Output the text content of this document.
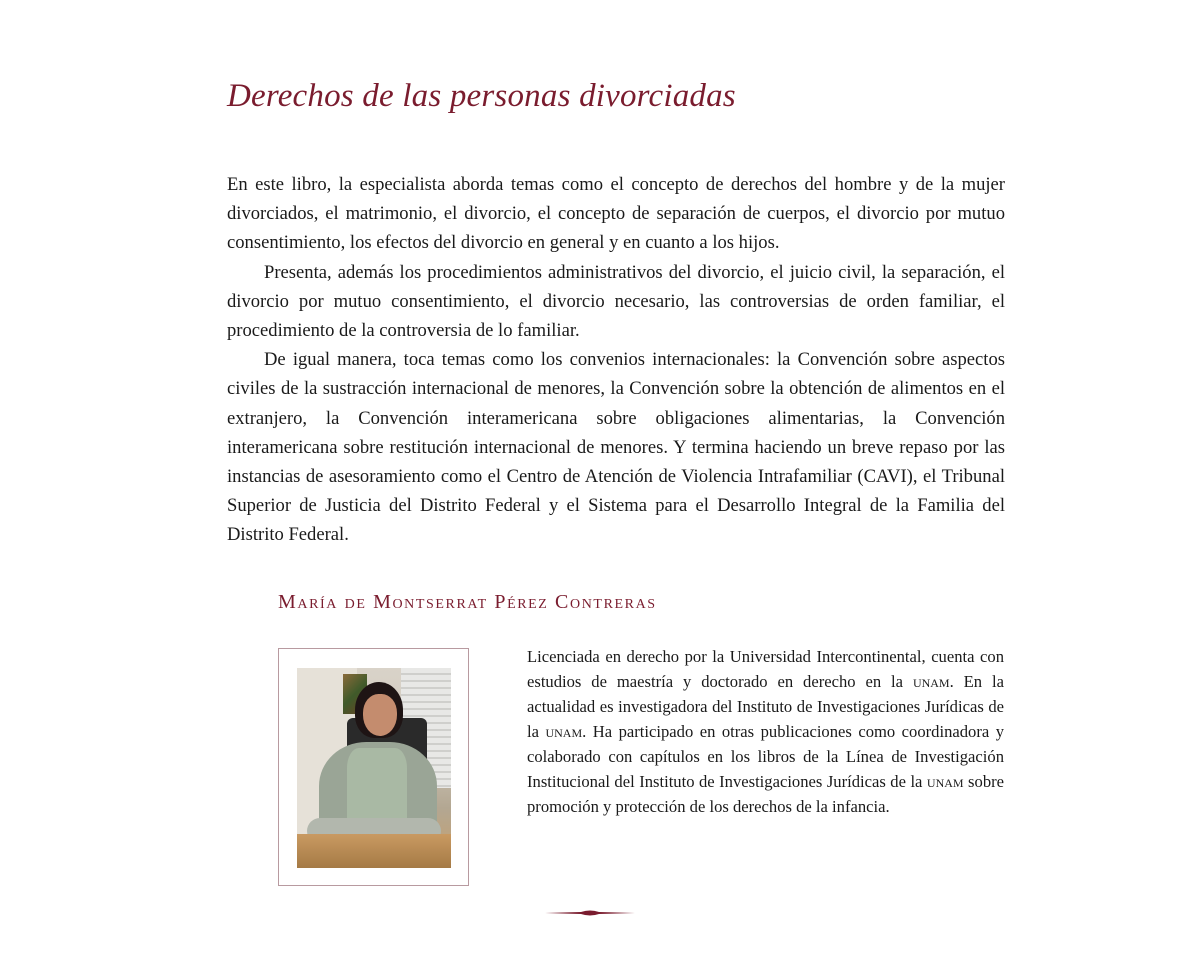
Derechos de las personas divorciadas

En este libro, la especialista aborda temas como el concepto de derechos del hombre y de la mujer divorciados, el matrimonio, el divorcio, el concepto de separación de cuerpos, el divorcio por mutuo consentimiento, los efectos del divorcio en general y en cuanto a los hijos.

Presenta, además los procedimientos administrativos del divorcio, el juicio civil, la separación, el divorcio por mutuo consentimiento, el divorcio necesario, las controversias de orden familiar, el procedimiento de la controversia de lo familiar.

De igual manera, toca temas como los convenios internacionales: la Convención sobre aspectos civiles de la sustracción internacional de menores, la Convención sobre la obtención de alimentos en el extranjero, la Convención interamericana sobre obligaciones alimentarias, la Convención interamericana sobre restitución internacional de menores. Y termina haciendo un breve repaso por las instancias de asesoramiento como el Centro de Atención de Violencia Intrafamiliar (CAVI), el Tribunal Superior de Justicia del Distrito Federal y el Sistema para el Desarrollo Integral de la Familia del Distrito Federal.

María de Montserrat Pérez Contreras

Licenciada en derecho por la Universidad Intercontinental, cuenta con estudios de maestría y doctorado en derecho en la unam. En la actualidad es investigadora del Instituto de Investigaciones Jurídicas de la unam. Ha participado en otras publicaciones como coordinadora y colaborado con capítulos en los libros de la Línea de Investigación Institucional del Instituto de Investigaciones Jurídicas de la unam sobre promoción y protección de los derechos de la infancia.
